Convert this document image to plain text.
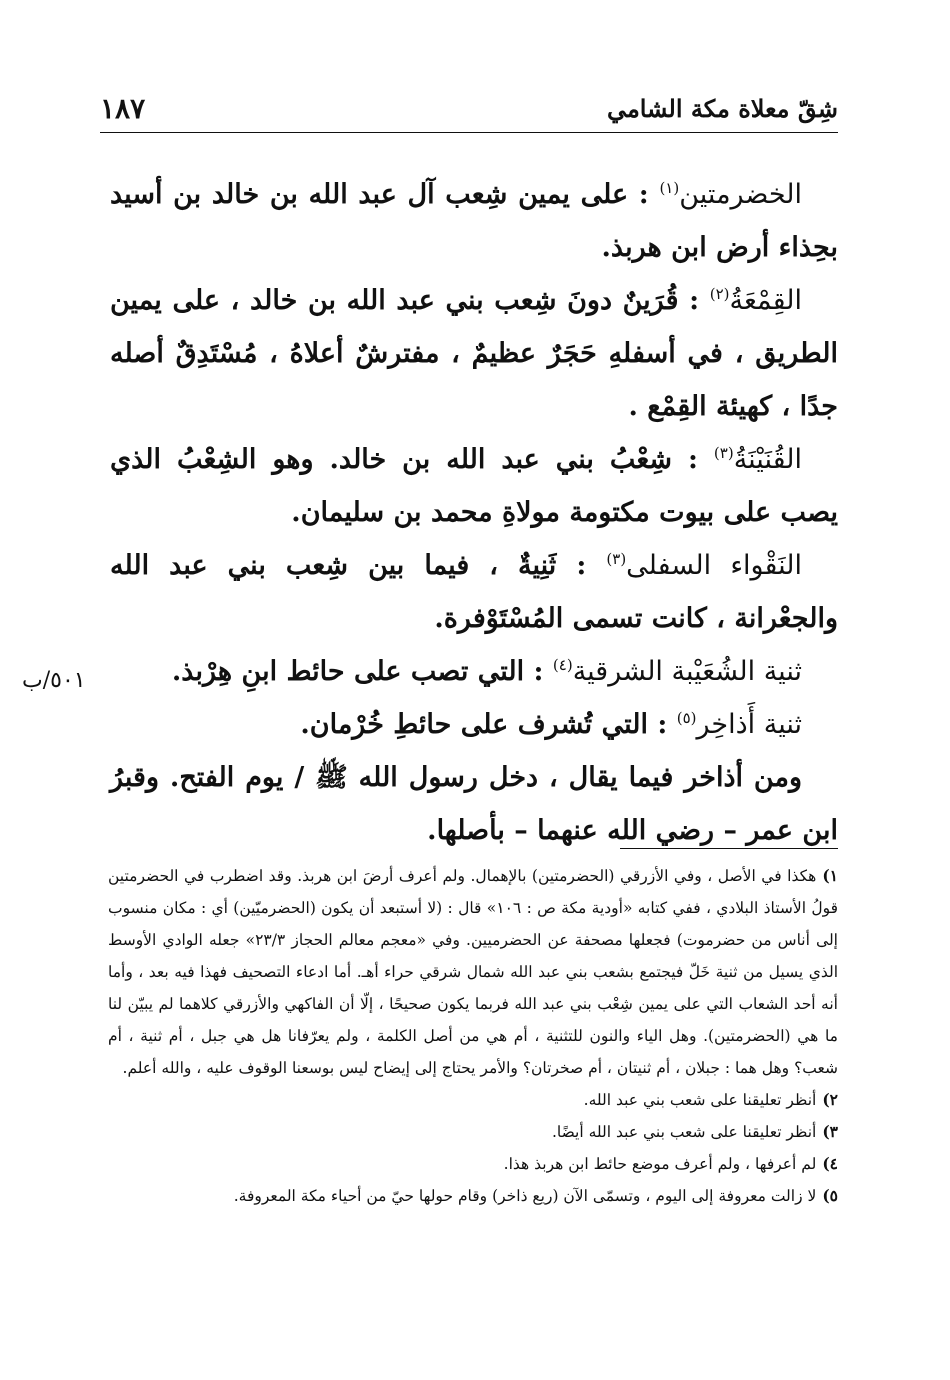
شِقّ معلاة مكة الشامي
١٨٧

الخضرمتين$^{(١)}$ : على يمين شِعب آل عبد الله بن خالد بن أسيد بحِذاء أرض ابن هربذ.

القِمْعَةُ$^{(٢)}$ : قُرَينٌ دونَ شِعب بني عبد الله بن خالد ، على يمين الطريق ، في أسفلهِ حَجَرٌ عظيمٌ ، مفترشٌ أعلاهُ ، مُسْتَدِقٌ أصله جدًا ، كهيئة القِمْع .

القُنَيْنَةُ$^{(٣)}$ : شِعْبُ بني عبد الله بن خالد. وهو الشِعْبُ الذي يصب على بيوت مكتومة مولاةِ محمد بن سليمان.

النَقْواء السفلى$^{(٣)}$ : ثَنِيةٌ ، فيما بين شِعب بني عبد الله والجعْرانة ، كانت تسمى المُسْتَوْفرة.

ثنية الشُعَيْبة الشرقية$^{(٤)}$ : التي تصب على حائط ابنِ هِرْبذ.

ثنية أَذاخِر$^{(٥)}$ : التي تُشرف على حائطِ خُرْمان.

ومن أذاخر فيما يقال ، دخل رسول الله ﷺ / يوم الفتح. وقبرُ ابن عمر – رضي الله عنهما – بأصلها.

٥٠١/ب

١)هكذا في الأصل ، وفي الأزرقي (الحضرمتين) بالإهمال. ولم أعرف أرضَ ابن هربذ. وقد اضطرب في الحضرمتين قولُ الأستاذ البلادي ، ففي كتابه «أودية مكة ص : ١٠٦» قال : (لا أستبعد أن يكون (الحضرميّين) أي : مكان منسوب إلى أناس من حضرموت) فجعلها مصحفة عن الحضرميين. وفي «معجم معالم الحجاز ٢٣/٣» جعله الوادي الأوسط الذي يسيل من ثنية خَلّ فيجتمع بشعب بني عبد الله شمال شرقي حراء أهـ. أما ادعاء التصحيف فهذا فيه بعد ، وأما أنه أحد الشعاب التي على يمين شِعْب بني عبد الله فربما يكون صحيحًا ، إلّا أن الفاكهي والأزرقي كلاهما لم يبيّن لنا ما هي (الحضرمتين). وهل الياء والنون للتثنية ، أم هي من أصل الكلمة ، ولم يعرّفانا هل هي جبل ، أم ثنية ، أم شعب؟ وهل هما : جبلان ، أم ثنيتان ، أم صخرتان؟ والأمر يحتاج إلى إيضاح ليس بوسعنا الوقوف عليه ، والله أعلم.

٢)أنظر تعليقنا على شعب بني عبد الله.

٣)أنظر تعليقنا على شعب بني عبد الله أيضًا.

٤)لم أعرفها ، ولم أعرف موضع حائط ابن هربذ هذا.

٥)لا زالت معروفة إلى اليوم ، وتسمّى الآن (ريع ذاخر) وقام حولها حيّ من أحياء مكة المعروفة.
